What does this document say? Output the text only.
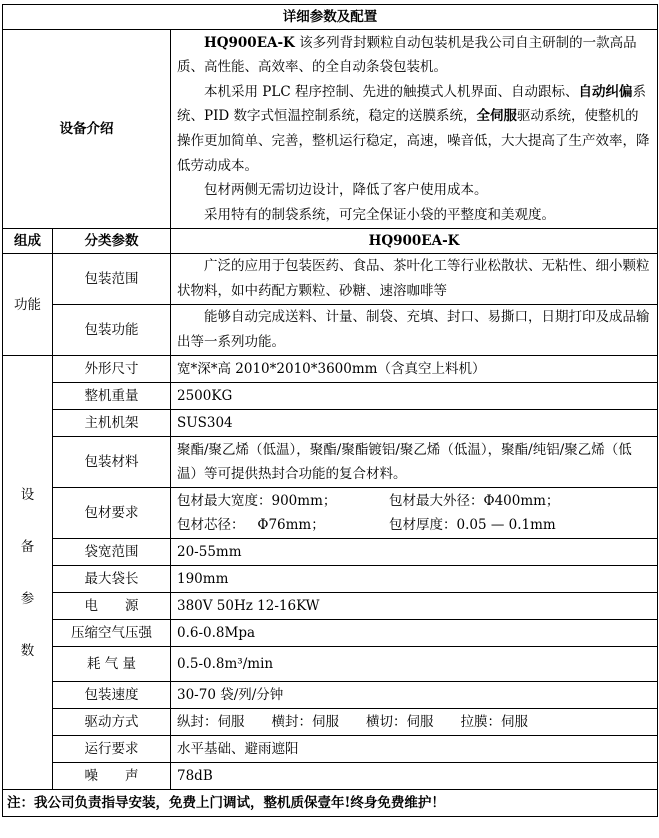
详细参数及配置		
设备介绍		HQ900EA-K 该多列背封颗粒自动包装机是我公司自主研制的一款高品质、高性能、高效率、的全自动条袋包装机。

本机采用 PLC 程序控制、先进的触摸式人机界面、自动跟标、自动纠偏系统、PID 数字式恒温控制系统，稳定的送膜系统，全伺服驱动系统，使整机的操作更加简单、完善，整机运行稳定，高速，噪音低，大大提高了生产效率，降低劳动成本。

包材两侧无需切边设计，降低了客户使用成本。

采用特有的制袋系统，可完全保证小袋的平整度和美观度。

组成	分类参数	HQ900EA-K
功能	包装范围	广泛的应用于包装医药、食品、茶叶化工等行业松散状、无粘性、细小颗粒状物料，如中药配方颗粒、砂糖、速溶咖啡等
	包装功能	能够自动完成送料、计量、制袋、充填、封口、易撕口，日期打印及成品输出等一系列功能。

设
备
参
数	外形尺寸	宽*深*高 2010*2010*3600mm（含真空上料机）
	整机重量	2500KG
	主机机架	SUS304
	包装材料	聚酯/聚乙烯（低温），聚酯/聚酯镀铝/聚乙烯（低温），聚酯/纯铝/聚乙烯（低温）等可提供热封合功能的复合材料。
	包材要求	包材最大宽度：900mm； 包材最大外径：Φ400mm；
包材芯径：   Φ76mm； 包材厚度：0.05 — 0.1mm

	袋宽范围	20-55mm
	最大袋长	190mm
	电　　源	380V 50Hz 12-16KW
	压缩空气压强	0.6-0.8Mpa
	耗 气 量	0.5-0.8m³/min
	包装速度	30-70 袋/列/分钟
	驱动方式	纵封：伺服　　横封：伺服　　横切：伺服　　拉膜：伺服
	运行要求	水平基础、避雨遮阳
	噪　　声	78dB
注：我公司负责指导安装，免费上门调试，整机质保壹年!终身免费维护！		
